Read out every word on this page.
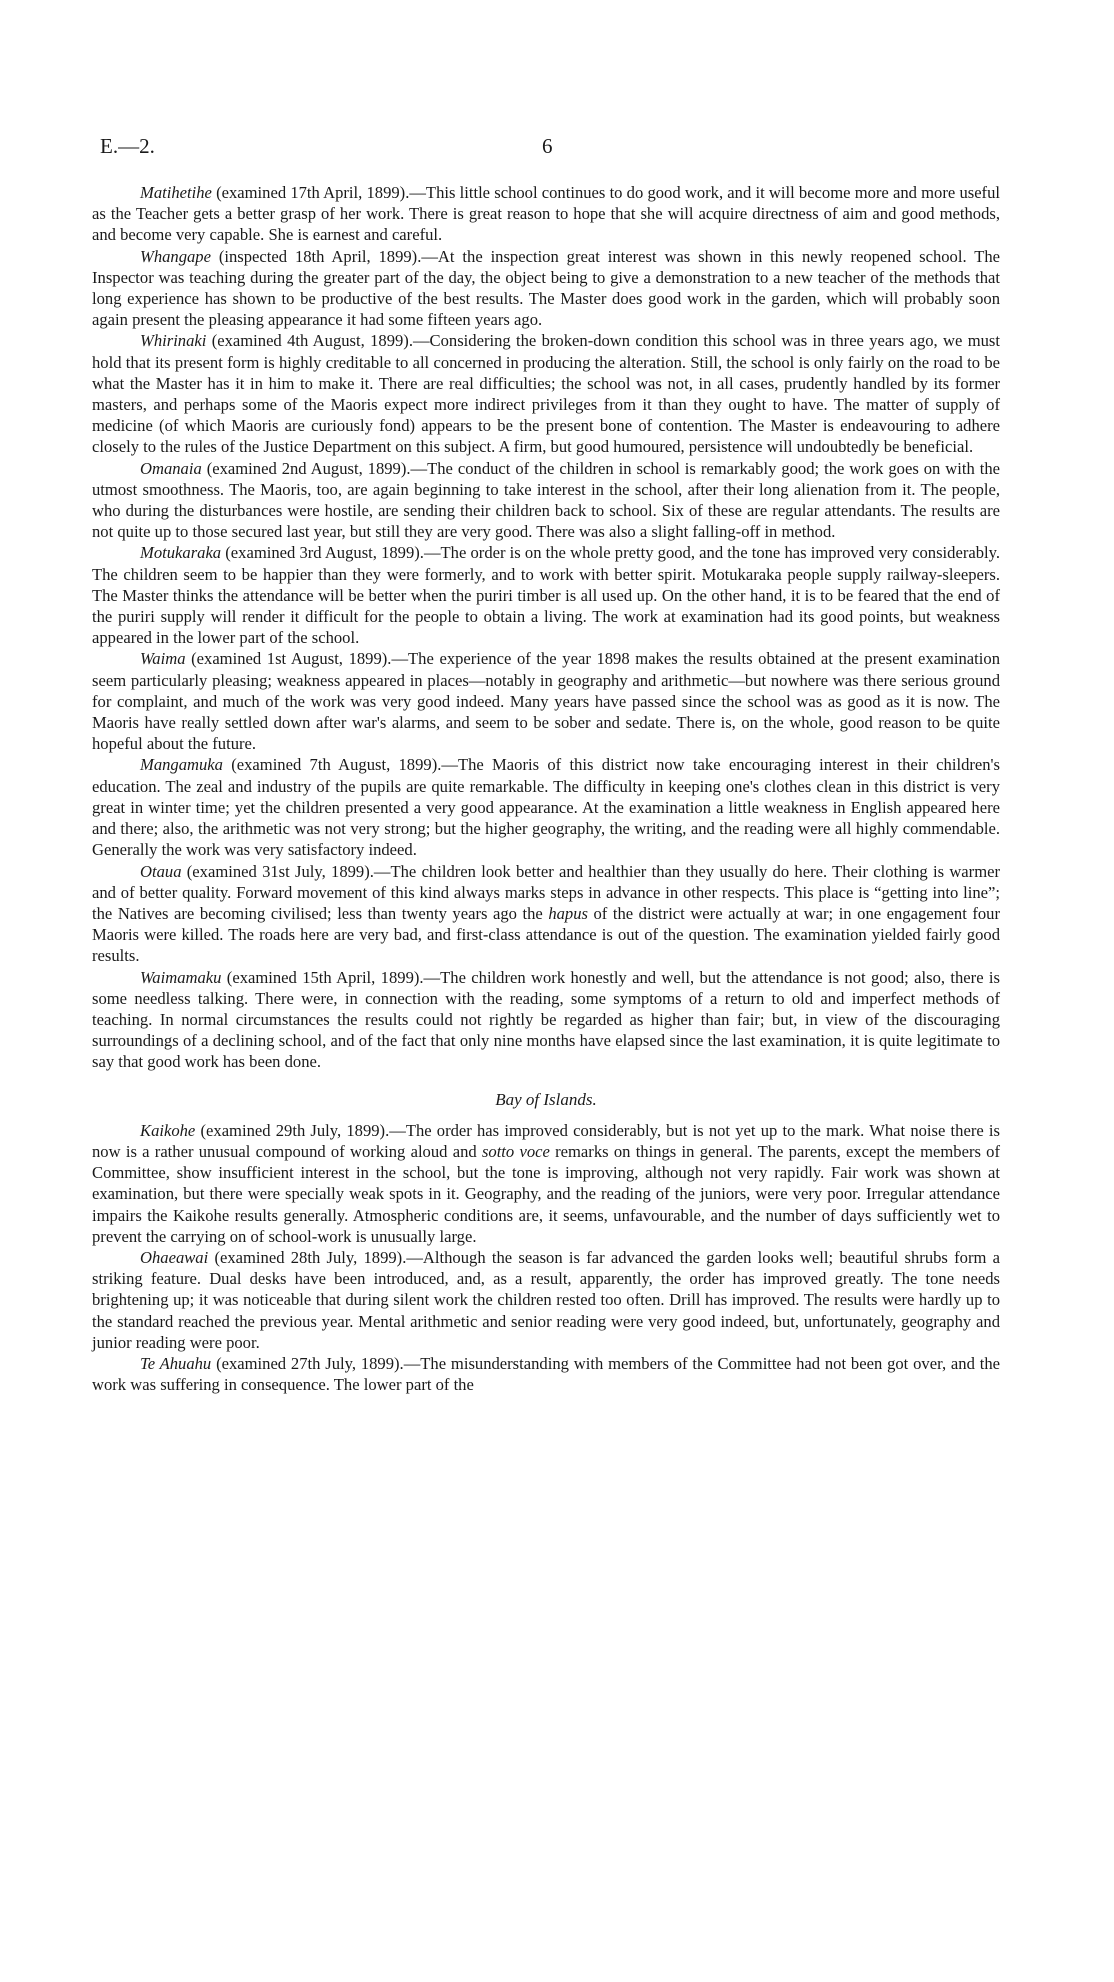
E.—2.	6

Matihetihe (examined 17th April, 1899).—This little school continues to do good work, and it will become more and more useful as the Teacher gets a better grasp of her work. There is great reason to hope that she will acquire directness of aim and good methods, and become very capable. She is earnest and careful.

Whangape (inspected 18th April, 1899).—At the inspection great interest was shown in this newly reopened school. The Inspector was teaching during the greater part of the day, the object being to give a demonstration to a new teacher of the methods that long experience has shown to be productive of the best results. The Master does good work in the garden, which will probably soon again present the pleasing appearance it had some fifteen years ago.

Whirinaki (examined 4th August, 1899).—Considering the broken-down condition this school was in three years ago, we must hold that its present form is highly creditable to all concerned in producing the alteration. Still, the school is only fairly on the road to be what the Master has it in him to make it. There are real difficulties; the school was not, in all cases, prudently handled by its former masters, and perhaps some of the Maoris expect more indirect privileges from it than they ought to have. The matter of supply of medicine (of which Maoris are curiously fond) appears to be the present bone of contention. The Master is endeavouring to adhere closely to the rules of the Justice Department on this subject. A firm, but good humoured, persistence will undoubtedly be beneficial.

Omanaia (examined 2nd August, 1899).—The conduct of the children in school is remarkably good; the work goes on with the utmost smoothness. The Maoris, too, are again beginning to take interest in the school, after their long alienation from it. The people, who during the disturbances were hostile, are sending their children back to school. Six of these are regular attendants. The results are not quite up to those secured last year, but still they are very good. There was also a slight falling-off in method.

Motukaraka (examined 3rd August, 1899).—The order is on the whole pretty good, and the tone has improved very considerably. The children seem to be happier than they were formerly, and to work with better spirit. Motukaraka people supply railway-sleepers. The Master thinks the attendance will be better when the puriri timber is all used up. On the other hand, it is to be feared that the end of the puriri supply will render it difficult for the people to obtain a living. The work at examination had its good points, but weakness appeared in the lower part of the school.

Waima (examined 1st August, 1899).—The experience of the year 1898 makes the results obtained at the present examination seem particularly pleasing; weakness appeared in places—notably in geography and arithmetic—but nowhere was there serious ground for complaint, and much of the work was very good indeed. Many years have passed since the school was as good as it is now. The Maoris have really settled down after war's alarms, and seem to be sober and sedate. There is, on the whole, good reason to be quite hopeful about the future.

Mangamuka (examined 7th August, 1899).—The Maoris of this district now take encouraging interest in their children's education. The zeal and industry of the pupils are quite remarkable. The difficulty in keeping one's clothes clean in this district is very great in winter time; yet the children presented a very good appearance. At the examination a little weakness in English appeared here and there; also, the arithmetic was not very strong; but the higher geography, the writing, and the reading were all highly commendable. Generally the work was very satisfactory indeed.

Otaua (examined 31st July, 1899).—The children look better and healthier than they usually do here. Their clothing is warmer and of better quality. Forward movement of this kind always marks steps in advance in other respects. This place is “getting into line”; the Natives are becoming civilised; less than twenty years ago the hapus of the district were actually at war; in one engagement four Maoris were killed. The roads here are very bad, and first-class attendance is out of the question. The examination yielded fairly good results.

Waimamaku (examined 15th April, 1899).—The children work honestly and well, but the attendance is not good; also, there is some needless talking. There were, in connection with the reading, some symptoms of a return to old and imperfect methods of teaching. In normal circumstances the results could not rightly be regarded as higher than fair; but, in view of the discouraging surroundings of a declining school, and of the fact that only nine months have elapsed since the last examination, it is quite legitimate to say that good work has been done.

Bay of Islands.

Kaikohe (examined 29th July, 1899).—The order has improved considerably, but is not yet up to the mark. What noise there is now is a rather unusual compound of working aloud and sotto voce remarks on things in general. The parents, except the members of Committee, show insufficient interest in the school, but the tone is improving, although not very rapidly. Fair work was shown at examination, but there were specially weak spots in it. Geography, and the reading of the juniors, were very poor. Irregular attendance impairs the Kaikohe results generally. Atmospheric conditions are, it seems, unfavourable, and the number of days sufficiently wet to prevent the carrying on of school-work is unusually large.

Ohaeawai (examined 28th July, 1899).—Although the season is far advanced the garden looks well; beautiful shrubs form a striking feature. Dual desks have been introduced, and, as a result, apparently, the order has improved greatly. The tone needs brightening up; it was noticeable that during silent work the children rested too often. Drill has improved. The results were hardly up to the standard reached the previous year. Mental arithmetic and senior reading were very good indeed, but, unfortunately, geography and junior reading were poor.

Te Ahuahu (examined 27th July, 1899).—The misunderstanding with members of the Committee had not been got over, and the work was suffering in consequence. The lower part of the
